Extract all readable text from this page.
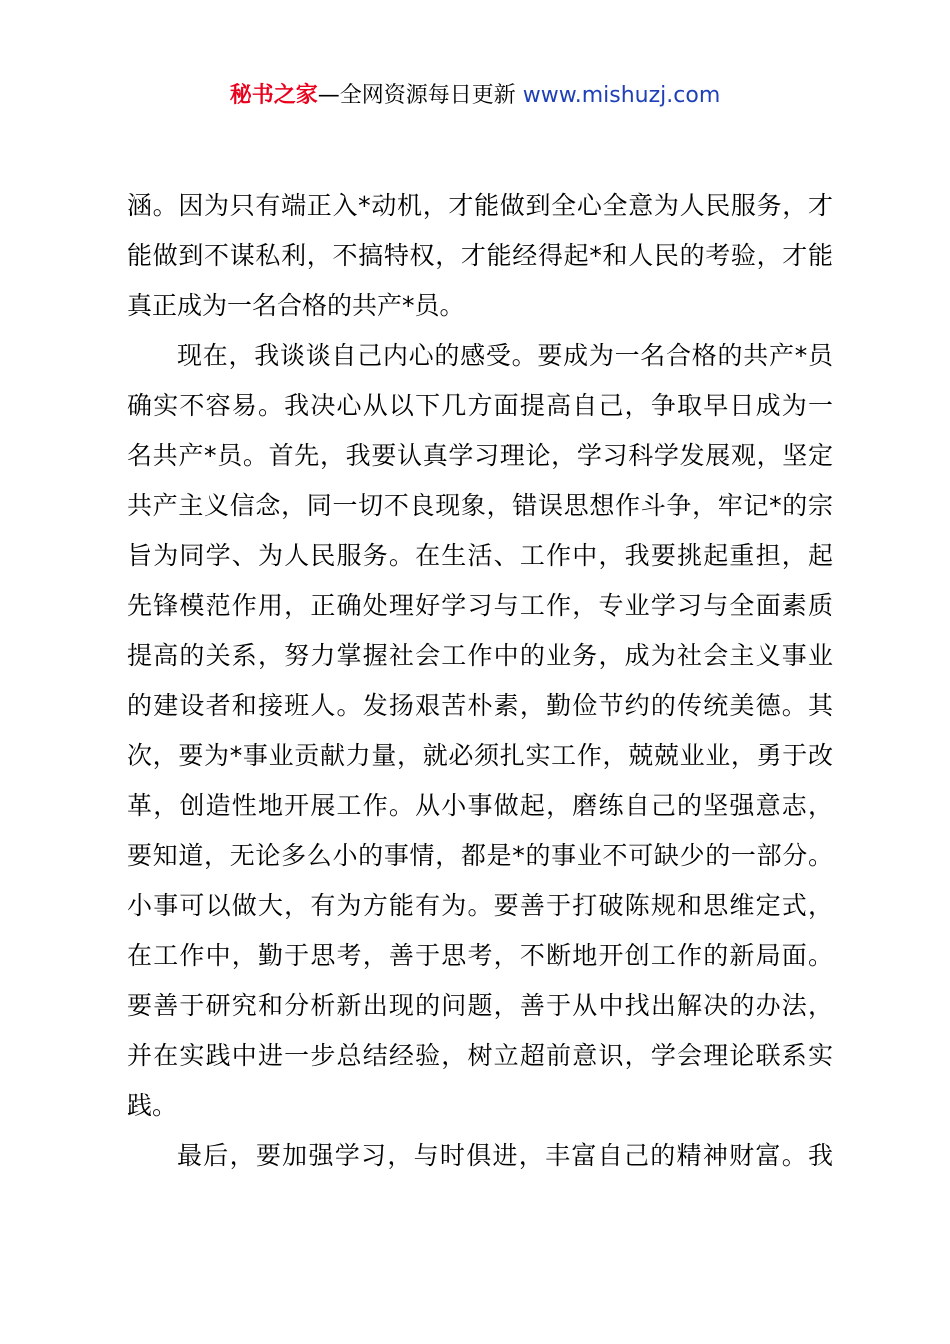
秘书之家—全网资源每日更新 www.mishuzj.com
涵。因为只有端正入*动机，才能做到全心全意为人民服务，才
能做到不谋私利，不搞特权，才能经得起*和人民的考验，才能
真正成为一名合格的共产*员。
现在，我谈谈自己内心的感受。要成为一名合格的共产*员
确实不容易。我决心从以下几方面提高自己，争取早日成为一
名共产*员。首先，我要认真学习理论，学习科学发展观，坚定
共产主义信念，同一切不良现象，错误思想作斗争，牢记*的宗
旨为同学、为人民服务。在生活、工作中，我要挑起重担，起
先锋模范作用，正确处理好学习与工作，专业学习与全面素质
提高的关系，努力掌握社会工作中的业务，成为社会主义事业
的建设者和接班人。发扬艰苦朴素，勤俭节约的传统美德。其
次，要为*事业贡献力量，就必须扎实工作，兢兢业业，勇于改
革，创造性地开展工作。从小事做起，磨练自己的坚强意志，
要知道，无论多么小的事情，都是*的事业不可缺少的一部分。
小事可以做大，有为方能有为。要善于打破陈规和思维定式，
在工作中，勤于思考，善于思考，不断地开创工作的新局面。
要善于研究和分析新出现的问题，善于从中找出解决的办法，
并在实践中进一步总结经验，树立超前意识，学会理论联系实
践。
最后，要加强学习，与时俱进，丰富自己的精神财富。我
